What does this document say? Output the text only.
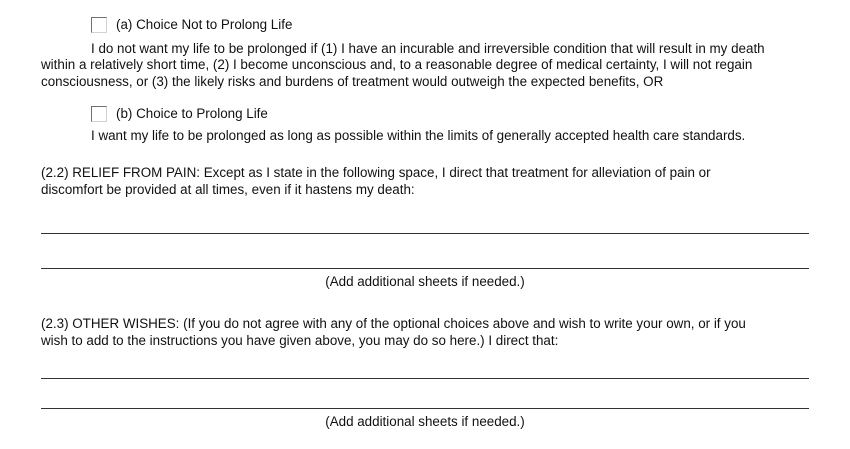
(a) Choice Not to Prolong Life
I do not want my life to be prolonged if (1) I have an incurable and irreversible condition that will result in my death
within a relatively short time, (2) I become unconscious and, to a reasonable degree of medical certainty, I will not regain
consciousness, or (3) the likely risks and burdens of treatment would outweigh the expected benefits, OR
(b) Choice to Prolong Life
I want my life to be prolonged as long as possible within the limits of generally accepted health care standards.
(2.2) RELIEF FROM PAIN: Except as I state in the following space, I direct that treatment for alleviation of pain or
discomfort be provided at all times, even if it hastens my death:
(Add additional sheets if needed.)
(2.3) OTHER WISHES: (If you do not agree with any of the optional choices above and wish to write your own, or if you
wish to add to the instructions you have given above, you may do so here.) I direct that:
(Add additional sheets if needed.)
